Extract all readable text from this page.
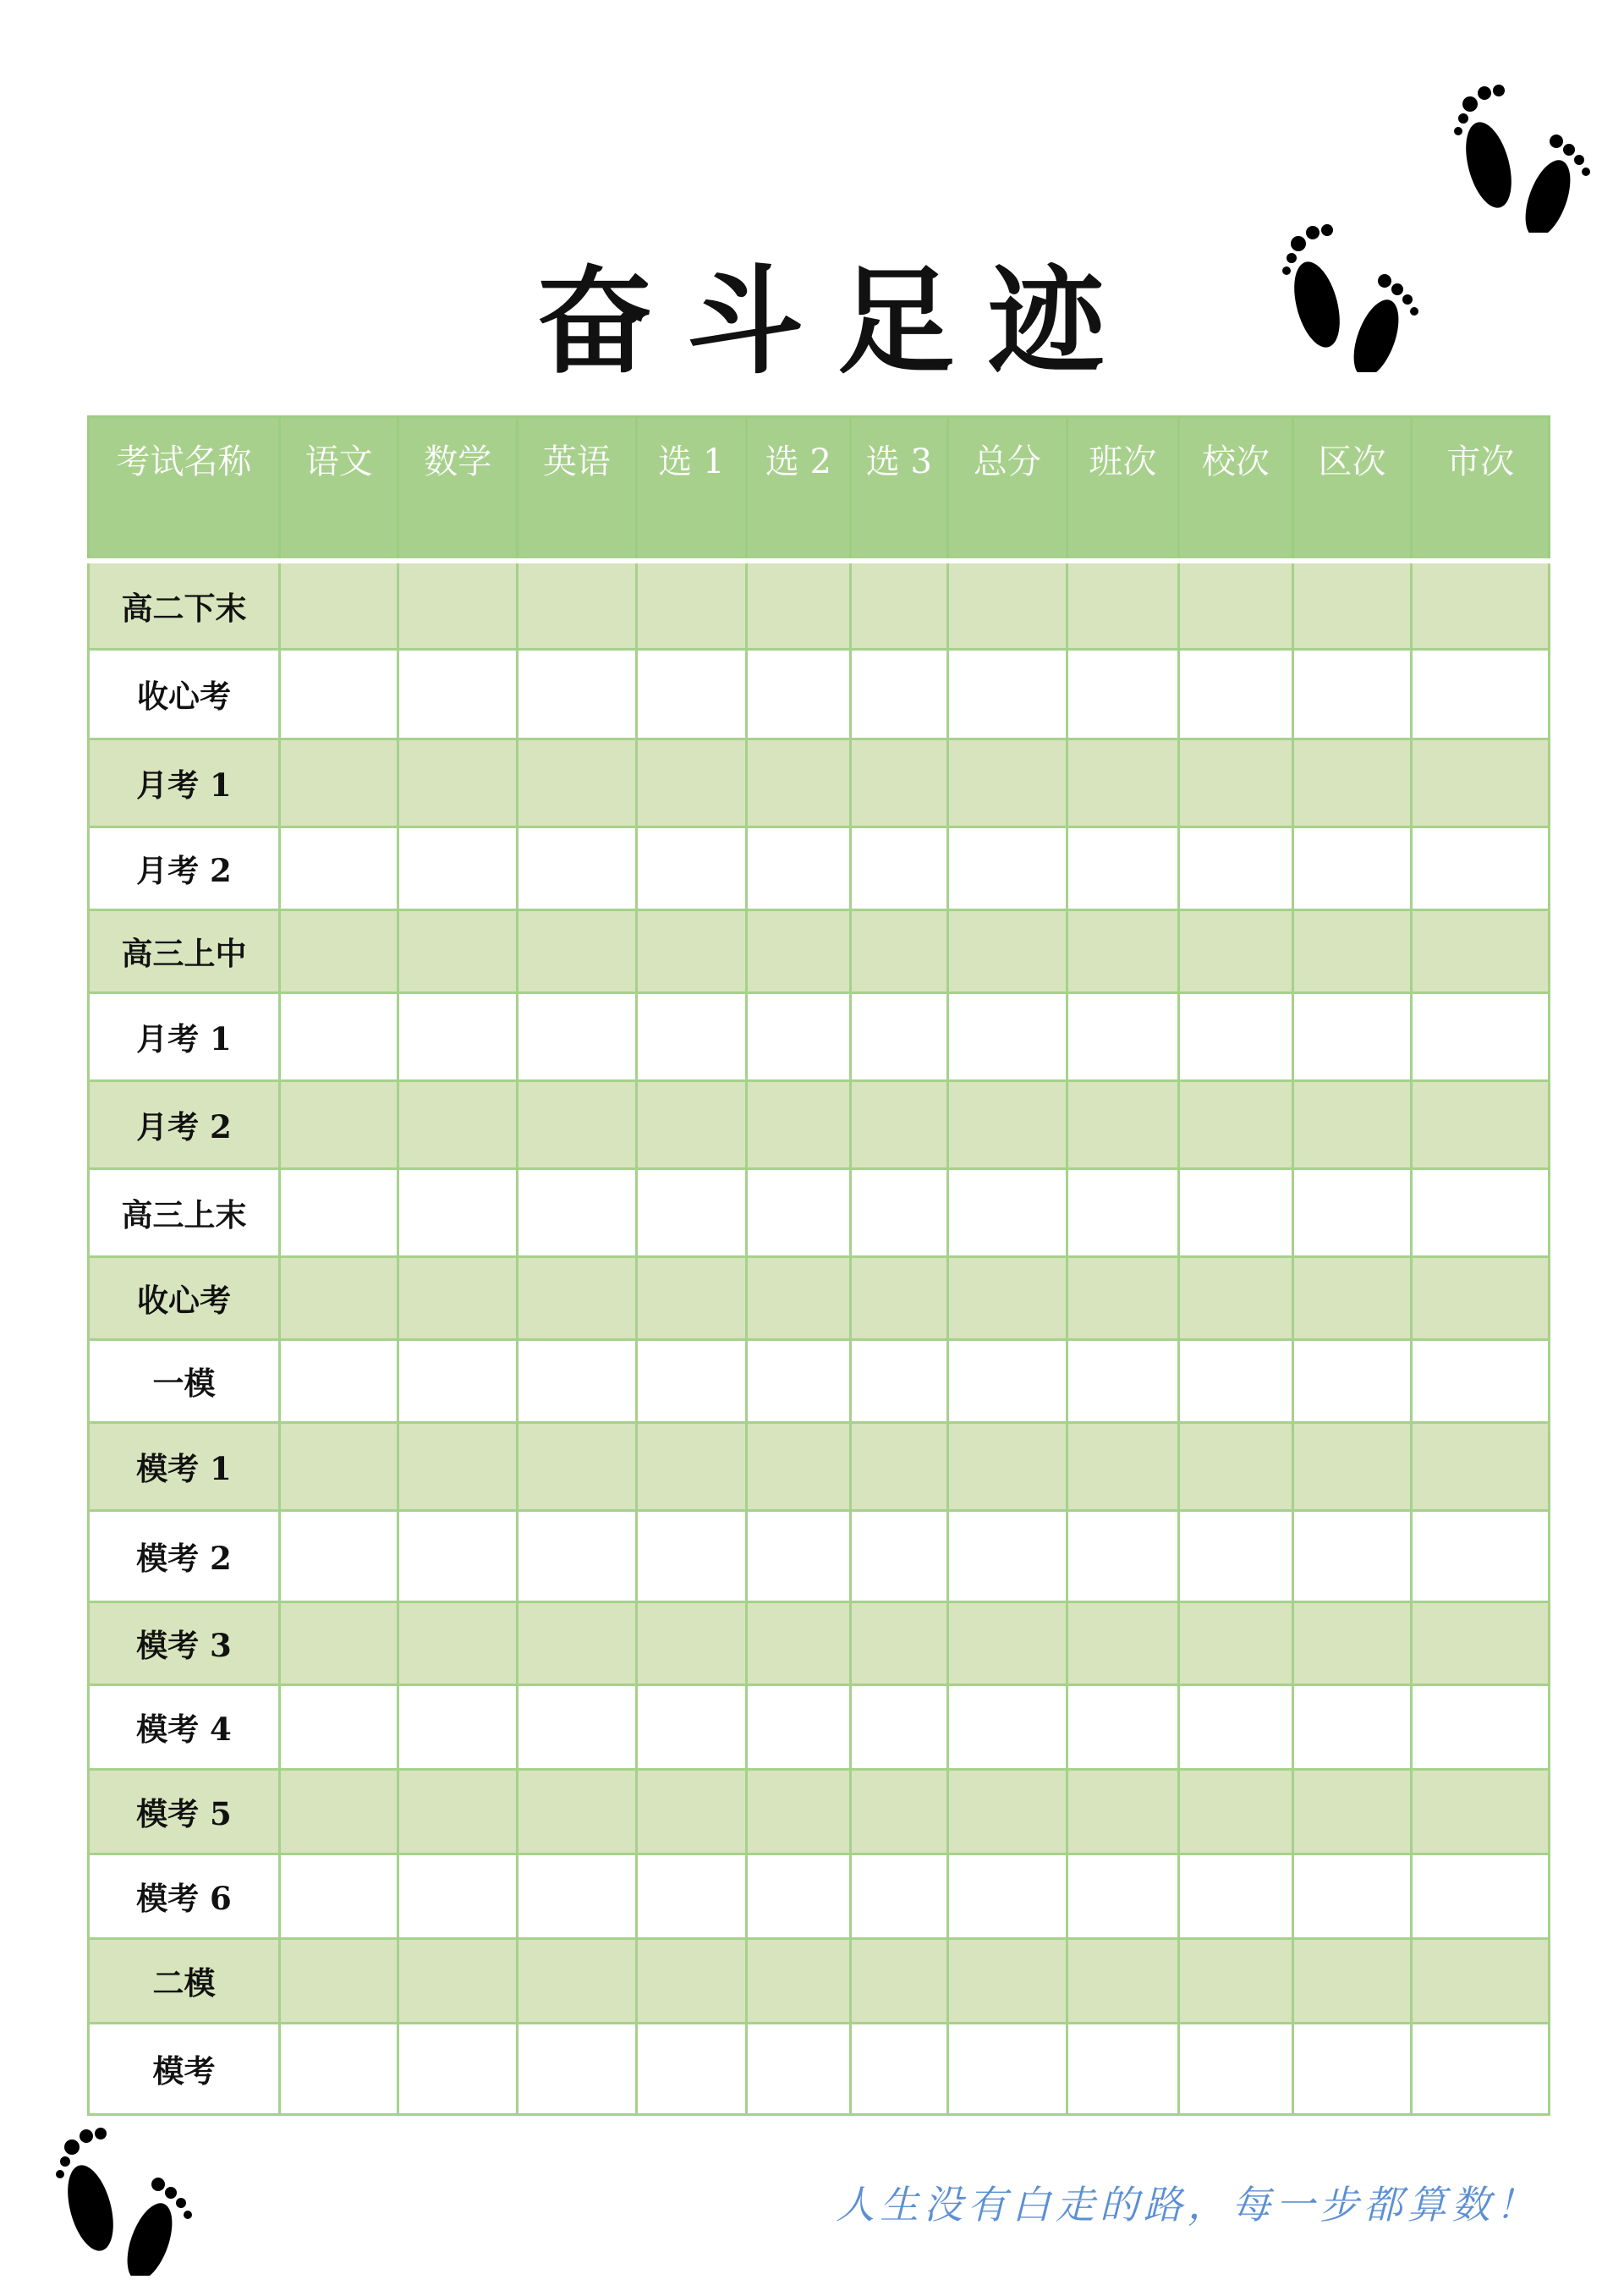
奋斗足迹
考试名称	语文	数学	英语	选 1	选 2	选 3	总分	班次	校次	区次	市次
高二下末											
收心考											
月考 1											
月考 2											
高三上中											
月考 1											
月考 2											
高三上末											
收心考											
一模											
模考 1											
模考 2											
模考 3											
模考 4											
模考 5											
模考 6											
二模											
模考											
人生没有白走的路，每一步都算数！
